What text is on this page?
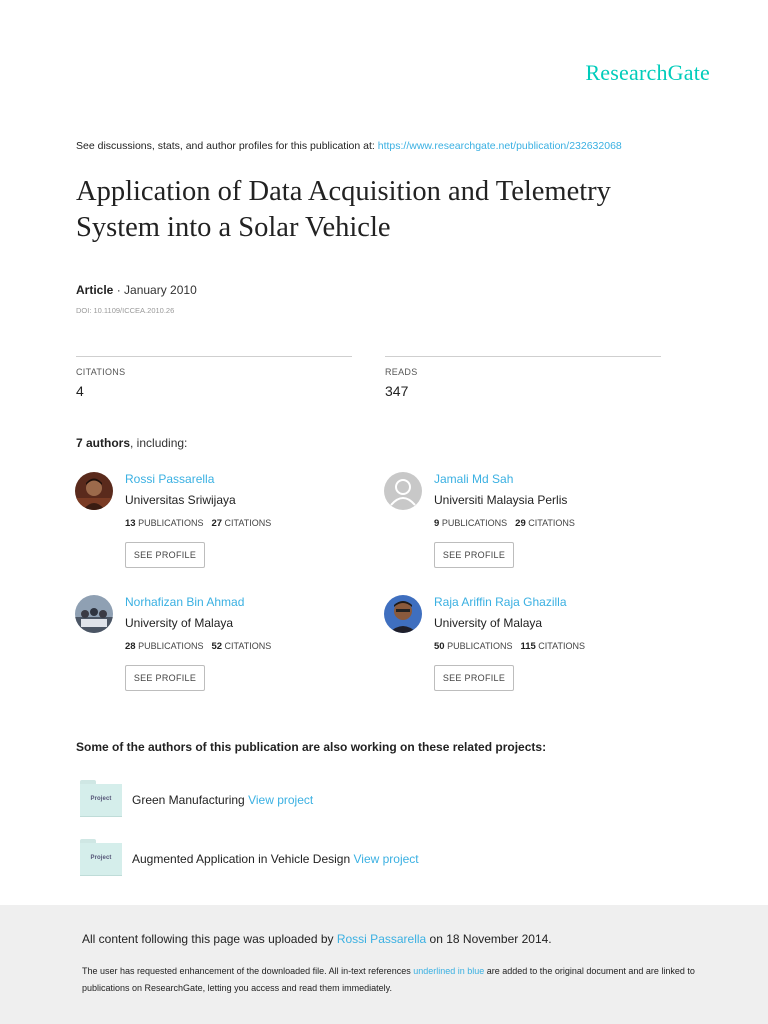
ResearchGate
See discussions, stats, and author profiles for this publication at: https://www.researchgate.net/publication/232632068
Application of Data Acquisition and Telemetry System into a Solar Vehicle
Article · January 2010
DOI: 10.1109/ICCEA.2010.26
CITATIONS
4
READS
347
7 authors, including:
Rossi Passarella
Universitas Sriwijaya
13 PUBLICATIONS 27 CITATIONS
SEE PROFILE
Jamali Md Sah
Universiti Malaysia Perlis
9 PUBLICATIONS 29 CITATIONS
SEE PROFILE
Norhafizan Bin Ahmad
University of Malaya
28 PUBLICATIONS 52 CITATIONS
SEE PROFILE
Raja Ariffin Raja Ghazilla
University of Malaya
50 PUBLICATIONS 115 CITATIONS
SEE PROFILE
Some of the authors of this publication are also working on these related projects:
Project	Green Manufacturing View project
Project	Augmented Application in Vehicle Design View project
All content following this page was uploaded by Rossi Passarella on 18 November 2014.
The user has requested enhancement of the downloaded file. All in-text references underlined in blue are added to the original document and are linked to publications on ResearchGate, letting you access and read them immediately.
